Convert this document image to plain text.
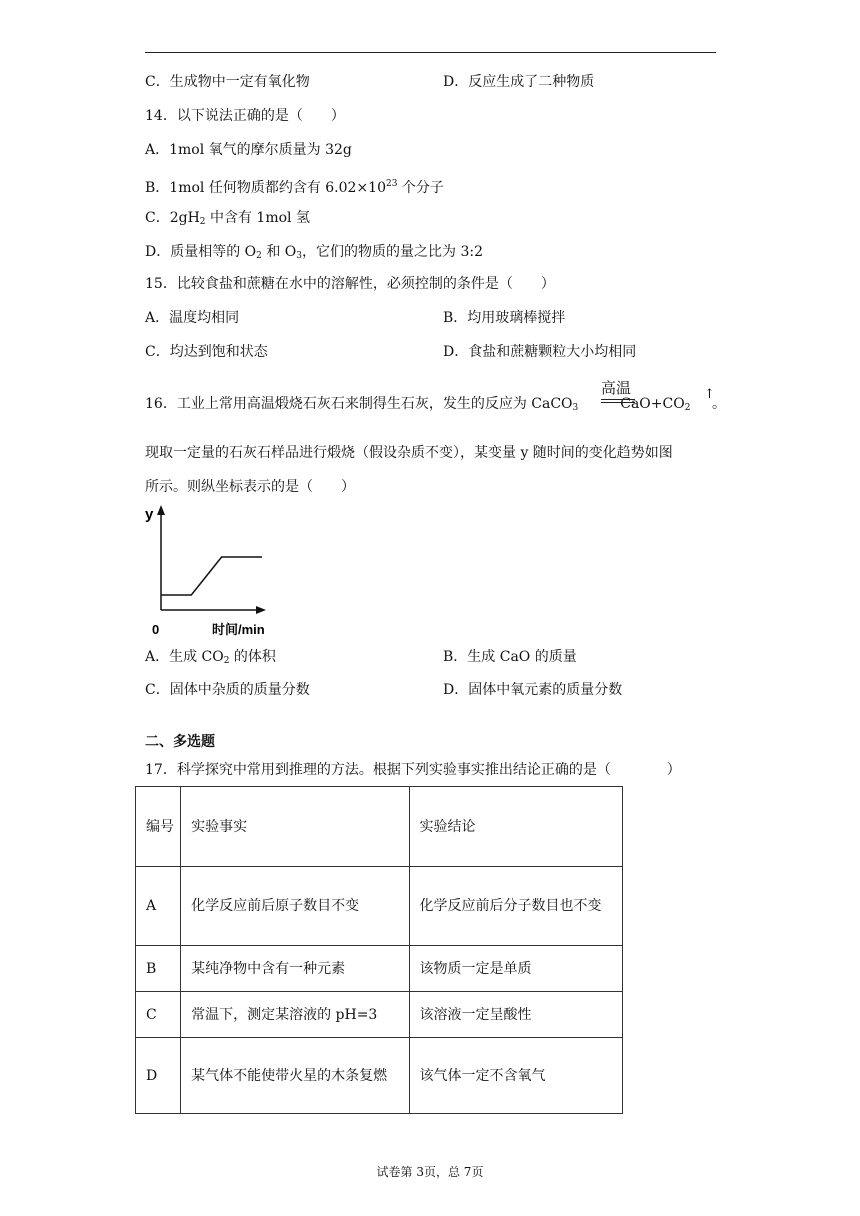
C．生成物中一定有氧化物	D．反应生成了二种物质
14．以下说法正确的是（　　）
A．1mol 氧气的摩尔质量为 32g
B．1mol 任何物质都约含有 $6.02\times 10^{23}$ 个分子
C．$2gH_2$ 中含有 1mol 氢
D．质量相等的 $O_2$ 和 $O_3$，它们的物质的量之比为 3:2
15．比较食盐和蔗糖在水中的溶解性，必须控制的条件是（　　）
A．温度均相同	B．均用玻璃棒搅拌
C．均达到饱和状态	D．食盐和蔗糖颗粒大小均相同
16．工业上常用高温煅烧石灰石来制得生石灰，发生的反应为 CaCO$_3$	$CaO+CO_2$
高温	↑
。
现取一定量的石灰石样品进行煅烧（假设杂质不变），某变量 y 随时间的变化趋势如图
所示。则纵坐标表示的是（　　）
y
0	时间/min
A．生成 $CO_2$ 的体积	B．生成 CaO 的质量
C．固体中杂质的质量分数	D．固体中氧元素的质量分数
二、多选题
17．科学探究中常用到推理的方法。根据下列实验事实推出结论正确的是（　　　　）
编号	实验事实	实验结论
A	化学反应前后原子数目不变	化学反应前后分子数目也不变
B	某纯净物中含有一种元素	该物质一定是单质
C	常温下，测定某溶液的 pH=3	该溶液一定呈酸性
D	某气体不能使带火星的木条复燃	该气体一定不含氧气
试卷第 3页，总 7页
